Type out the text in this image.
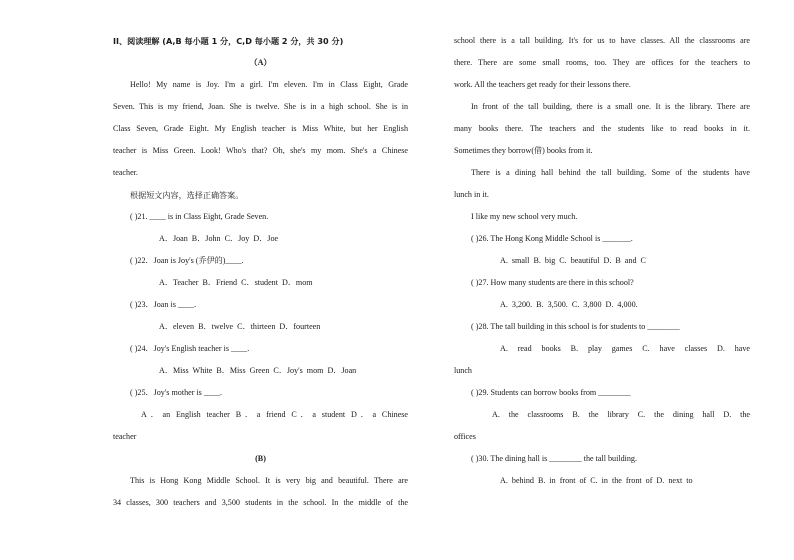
II、阅读理解 (A,B 每小题 1 分，C,D 每小题 2 分，共 30 分)
（A）
Hello! My name is Joy. I'm a girl. I'm eleven. I'm in Class Eight, Grade
Seven. This is my friend, Joan. She is twelve. She is in a high school. She is in
Class Seven, Grade Eight. My English teacher is Miss White, but her English
teacher is Miss Green. Look! Who's that? Oh, she's my mom. She's a Chinese
teacher.
根据短文内容，选择正确答案。
( )21. ____ is in Class Eight, Grade Seven.
A．Joan B．John C．Joy D．Joe
( )22．Joan is Joy's (乔伊的)____.
A．Teacher B．Friend C．student D．mom
( )23．Joan is ____.
A．eleven B．twelve C．thirteen D．fourteen
( )24．Joy's English teacher is ____.
A．Miss White B．Miss Green C．Joy's mom D．Joan
( )25．Joy's mother is ____.
A．an English teacher B．a friend C．a student D．a Chinese
teacher
(B)
This is Hong Kong Middle School. It is very big and beautiful. There are
34 classes, 300 teachers and 3,500 students in the school. In the middle of the
school there is a tall building. It's for us to have classes. All the classrooms are
there. There are some small rooms, too. They are offices for the teachers to
work. All the teachers get ready for their lessons there.
In front of the tall building, there is a small one. It is the library. There are
many books there. The teachers and the students like to read books in it.
Sometimes they borrow(借) books from it.
There is a dining hall behind the tall building. Some of the students have
lunch in it.
I like my new school very much.
( )26. The Hong Kong Middle School is _______.
A. small B. big C. beautiful D. B and C
( )27. How many students are there in this school?
A. 3,200. B. 3,500. C. 3,800 D. 4,000.
( )28. The tall building in this school is for students to ________
A. read books B. play games C. have classes D. have
lunch
( )29. Students can borrow books from ________
A. the classrooms B. the library C. the dining hall D. the
offices
( )30. The dining hall is ________ the tall building.
A. behind B. in front of C. in the front of D. next to
